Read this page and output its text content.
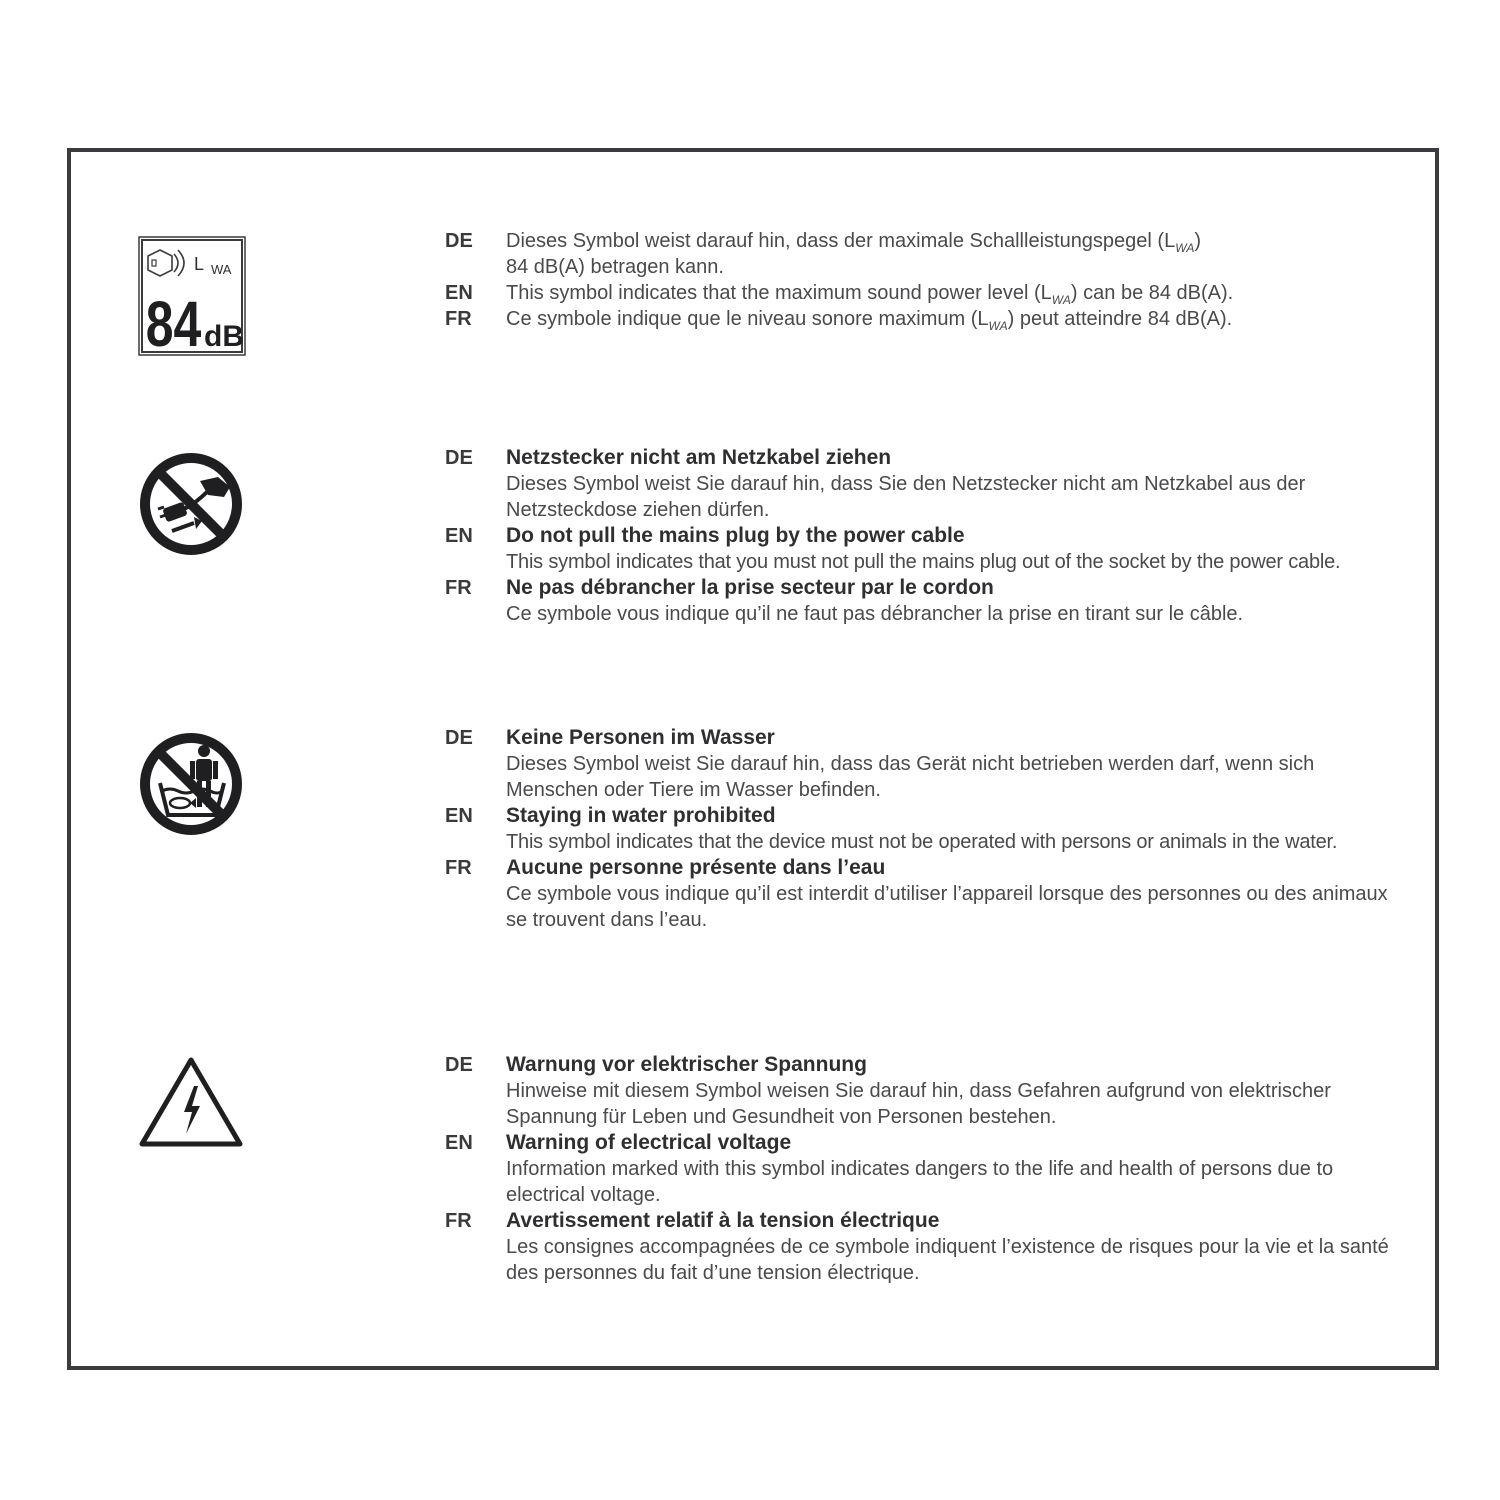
L WA
84 dB
DE	Dieses Symbol weist darauf hin, dass der maximale Schallleistungspegel $(L_{WA})$
84 dB(A) betragen kann.
EN	This symbol indicates that the maximum sound power level $(L_{WA})$ can be 84 dB(A).
FR	Ce symbole indique que le niveau sonore maximum $(L_{WA})$ peut atteindre 84 dB(A).
DE	Netzstecker nicht am Netzkabel ziehen
Dieses Symbol weist Sie darauf hin, dass Sie den Netzstecker nicht am Netzkabel aus der Netzsteckdose ziehen dürfen.
EN	Do not pull the mains plug by the power cable
This symbol indicates that you must not pull the mains plug out of the socket by the power cable.
FR	Ne pas débrancher la prise secteur par le cordon
Ce symbole vous indique qu’il ne faut pas débrancher la prise en tirant sur le câble.
DE	Keine Personen im Wasser
Dieses Symbol weist Sie darauf hin, dass das Gerät nicht betrieben werden darf, wenn sich Menschen oder Tiere im Wasser befinden.
EN	Staying in water prohibited
This symbol indicates that the device must not be operated with persons or animals in the water.
FR	Aucune personne présente dans l’eau
Ce symbole vous indique qu’il est interdit d’utiliser l’appareil lorsque des personnes ou des animaux se trouvent dans l’eau.
DE	Warnung vor elektrischer Spannung
Hinweise mit diesem Symbol weisen Sie darauf hin, dass Gefahren aufgrund von elektrischer Spannung für Leben und Gesundheit von Personen bestehen.
EN	Warning of electrical voltage
Information marked with this symbol indicates dangers to the life and health of persons due to electrical voltage.
FR	Avertissement relatif à la tension électrique
Les consignes accompagnées de ce symbole indiquent l’existence de risques pour la vie et la santé des personnes du fait d’une tension électrique.
